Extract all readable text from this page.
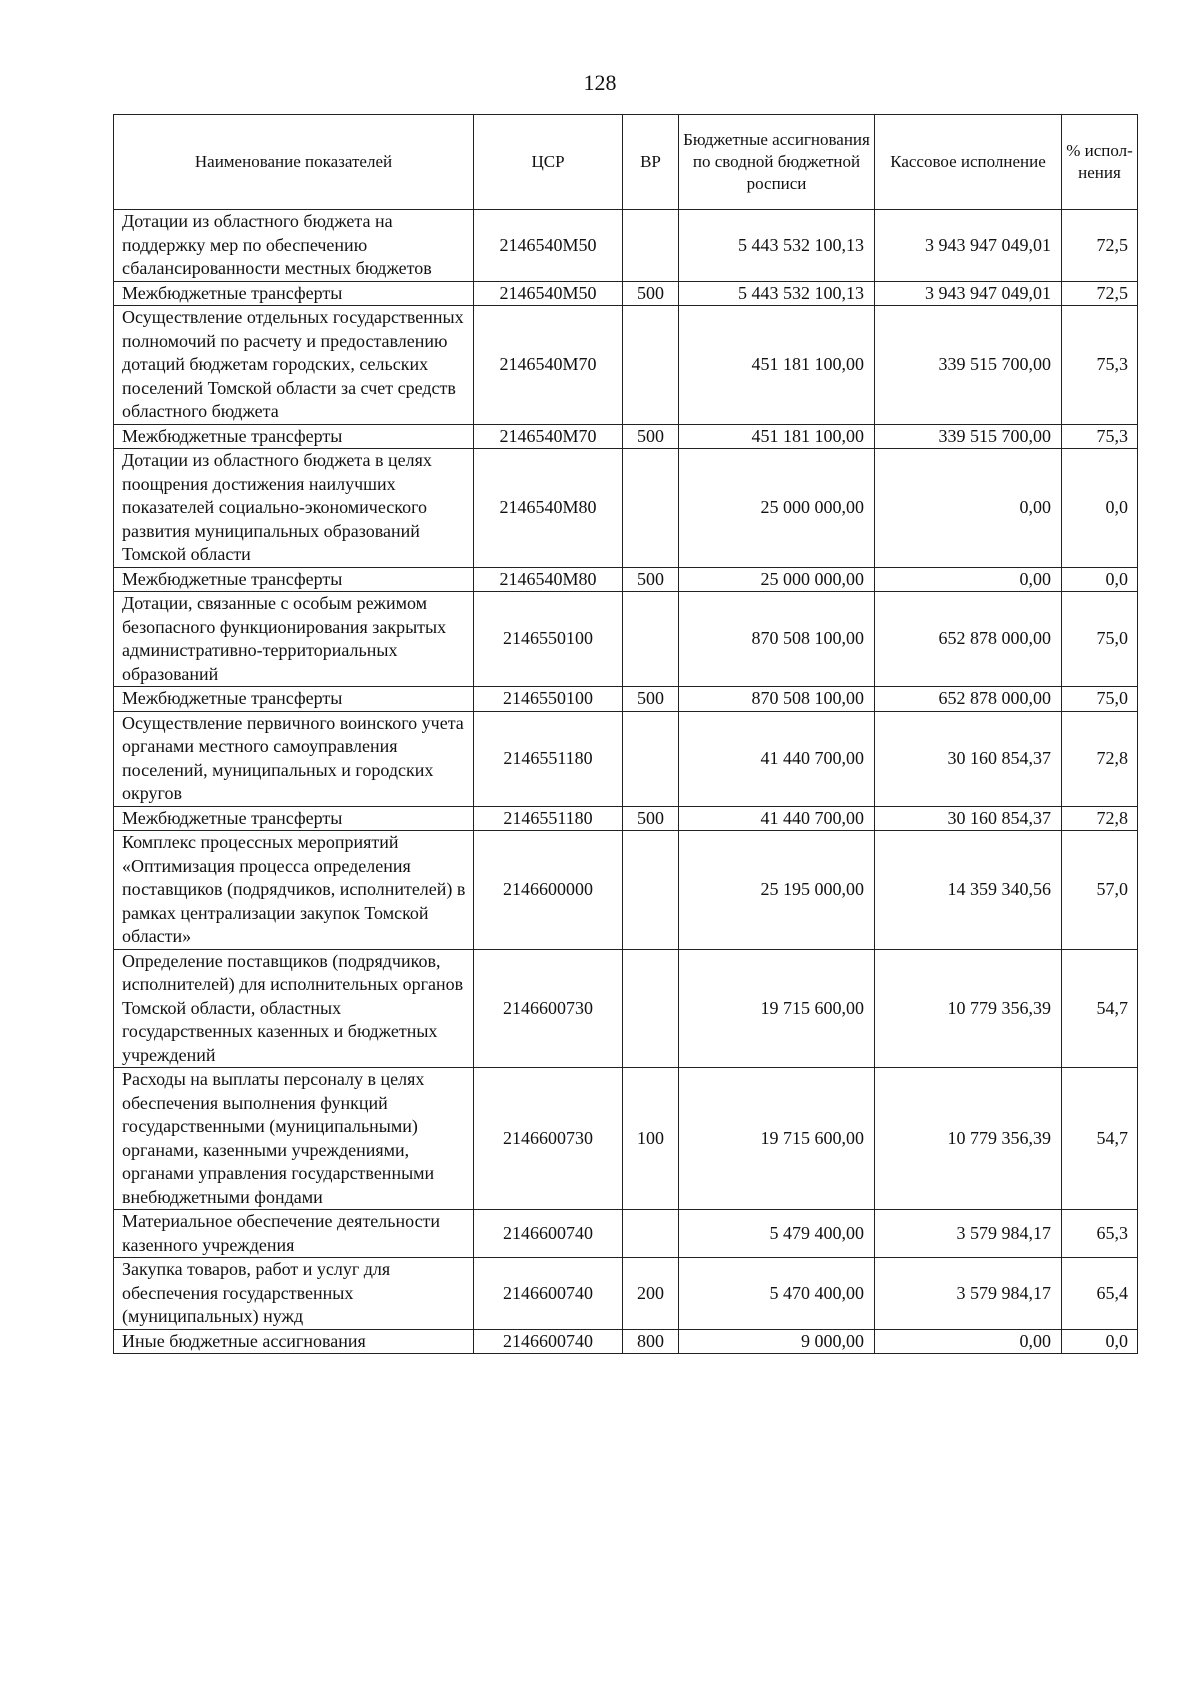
128
Наименование показателей	ЦСР	ВР	Бюджетные ассигнования по сводной бюджетной росписи	Кассовое исполнение	% испол-нения
Дотации из областного бюджета на поддержку мер по обеспечению сбалансированности местных бюджетов	2146540M50		5 443 532 100,13	3 943 947 049,01	72,5
Межбюджетные трансферты	2146540M50	500	5 443 532 100,13	3 943 947 049,01	72,5
Осуществление отдельных государственных полномочий по расчету и предоставлению дотаций бюджетам городских, сельских поселений Томской области за счет средств областного бюджета	2146540M70		451 181 100,00	339 515 700,00	75,3
Межбюджетные трансферты	2146540M70	500	451 181 100,00	339 515 700,00	75,3
Дотации из областного бюджета в целях поощрения достижения наилучших показателей социально-экономического развития муниципальных образований Томской области	2146540M80		25 000 000,00	0,00	0,0
Межбюджетные трансферты	2146540M80	500	25 000 000,00	0,00	0,0
Дотации, связанные с особым режимом безопасного функционирования закрытых административно-территориальных образований	2146550100		870 508 100,00	652 878 000,00	75,0
Межбюджетные трансферты	2146550100	500	870 508 100,00	652 878 000,00	75,0
Осуществление первичного воинского учета органами местного самоуправления поселений, муниципальных и городских округов	2146551180		41 440 700,00	30 160 854,37	72,8
Межбюджетные трансферты	2146551180	500	41 440 700,00	30 160 854,37	72,8
Комплекс процессных мероприятий «Оптимизация процесса определения поставщиков (подрядчиков, исполнителей) в рамках централизации закупок Томской области»	2146600000		25 195 000,00	14 359 340,56	57,0
Определение поставщиков (подрядчиков, исполнителей) для исполнительных органов Томской области, областных государственных казенных и бюджетных учреждений	2146600730		19 715 600,00	10 779 356,39	54,7
Расходы на выплаты персоналу в целях обеспечения выполнения функций государственными (муниципальными) органами, казенными учреждениями, органами управления государственными внебюджетными фондами	2146600730	100	19 715 600,00	10 779 356,39	54,7
Материальное обеспечение деятельности казенного учреждения	2146600740		5 479 400,00	3 579 984,17	65,3
Закупка товаров, работ и услуг для обеспечения государственных (муниципальных) нужд	2146600740	200	5 470 400,00	3 579 984,17	65,4
Иные бюджетные ассигнования	2146600740	800	9 000,00	0,00	0,0
